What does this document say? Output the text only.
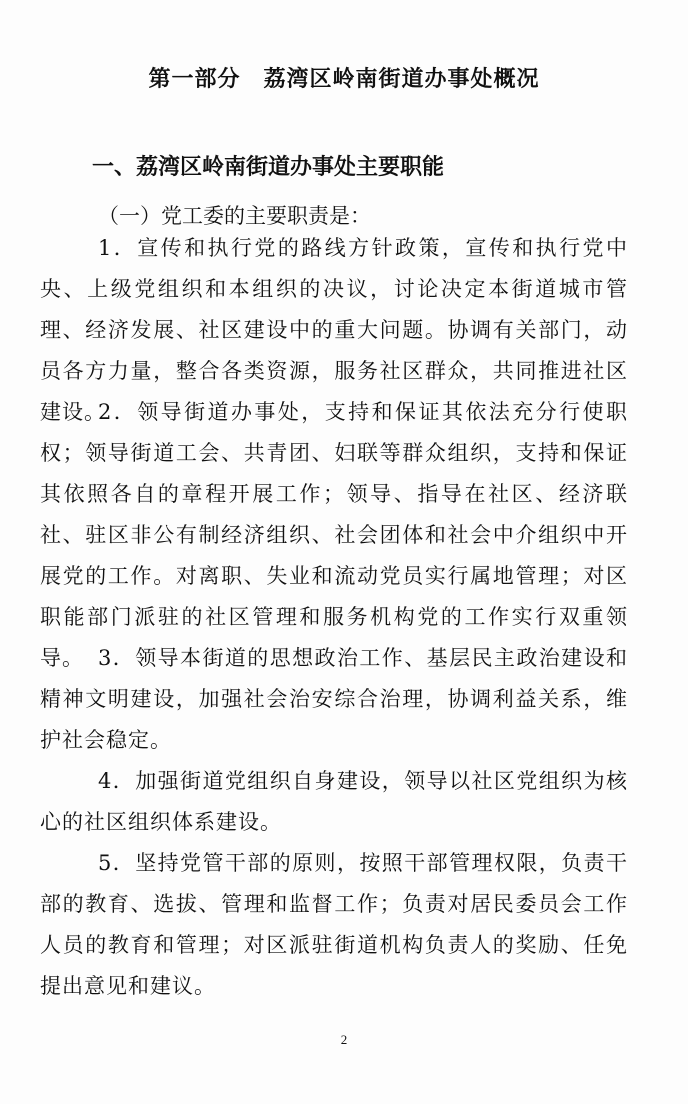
第一部分　荔湾区岭南街道办事处概况
一、荔湾区岭南街道办事处主要职能
（一）党工委的主要职责是：

1．宣传和执行党的路线方针政策，宣传和执行党中央、上级党组织和本组织的决议，讨论决定本街道城市管理、经济发展、社区建设中的重大问题。协调有关部门，动员各方力量，整合各类资源，服务社区群众，共同推进社区建设。

2．领导街道办事处，支持和保证其依法充分行使职权；领导街道工会、共青团、妇联等群众组织，支持和保证其依照各自的章程开展工作；领导、指导在社区、经济联社、驻区非公有制经济组织、社会团体和社会中介组织中开展党的工作。对离职、失业和流动党员实行属地管理；对区职能部门派驻的社区管理和服务机构党的工作实行双重领导。 3．领导本街道的思想政治工作、基层民主政治建设和精神文明建设，加强社会治安综合治理，协调利益关系，维护社会稳定。

4．加强街道党组织自身建设，领导以社区党组织为核心的社区组织体系建设。

5．坚持党管干部的原则，按照干部管理权限，负责干部的教育、选拔、管理和监督工作；负责对居民委员会工作人员的教育和管理；对区派驻街道机构负责人的奖励、任免提出意见和建议。

2
